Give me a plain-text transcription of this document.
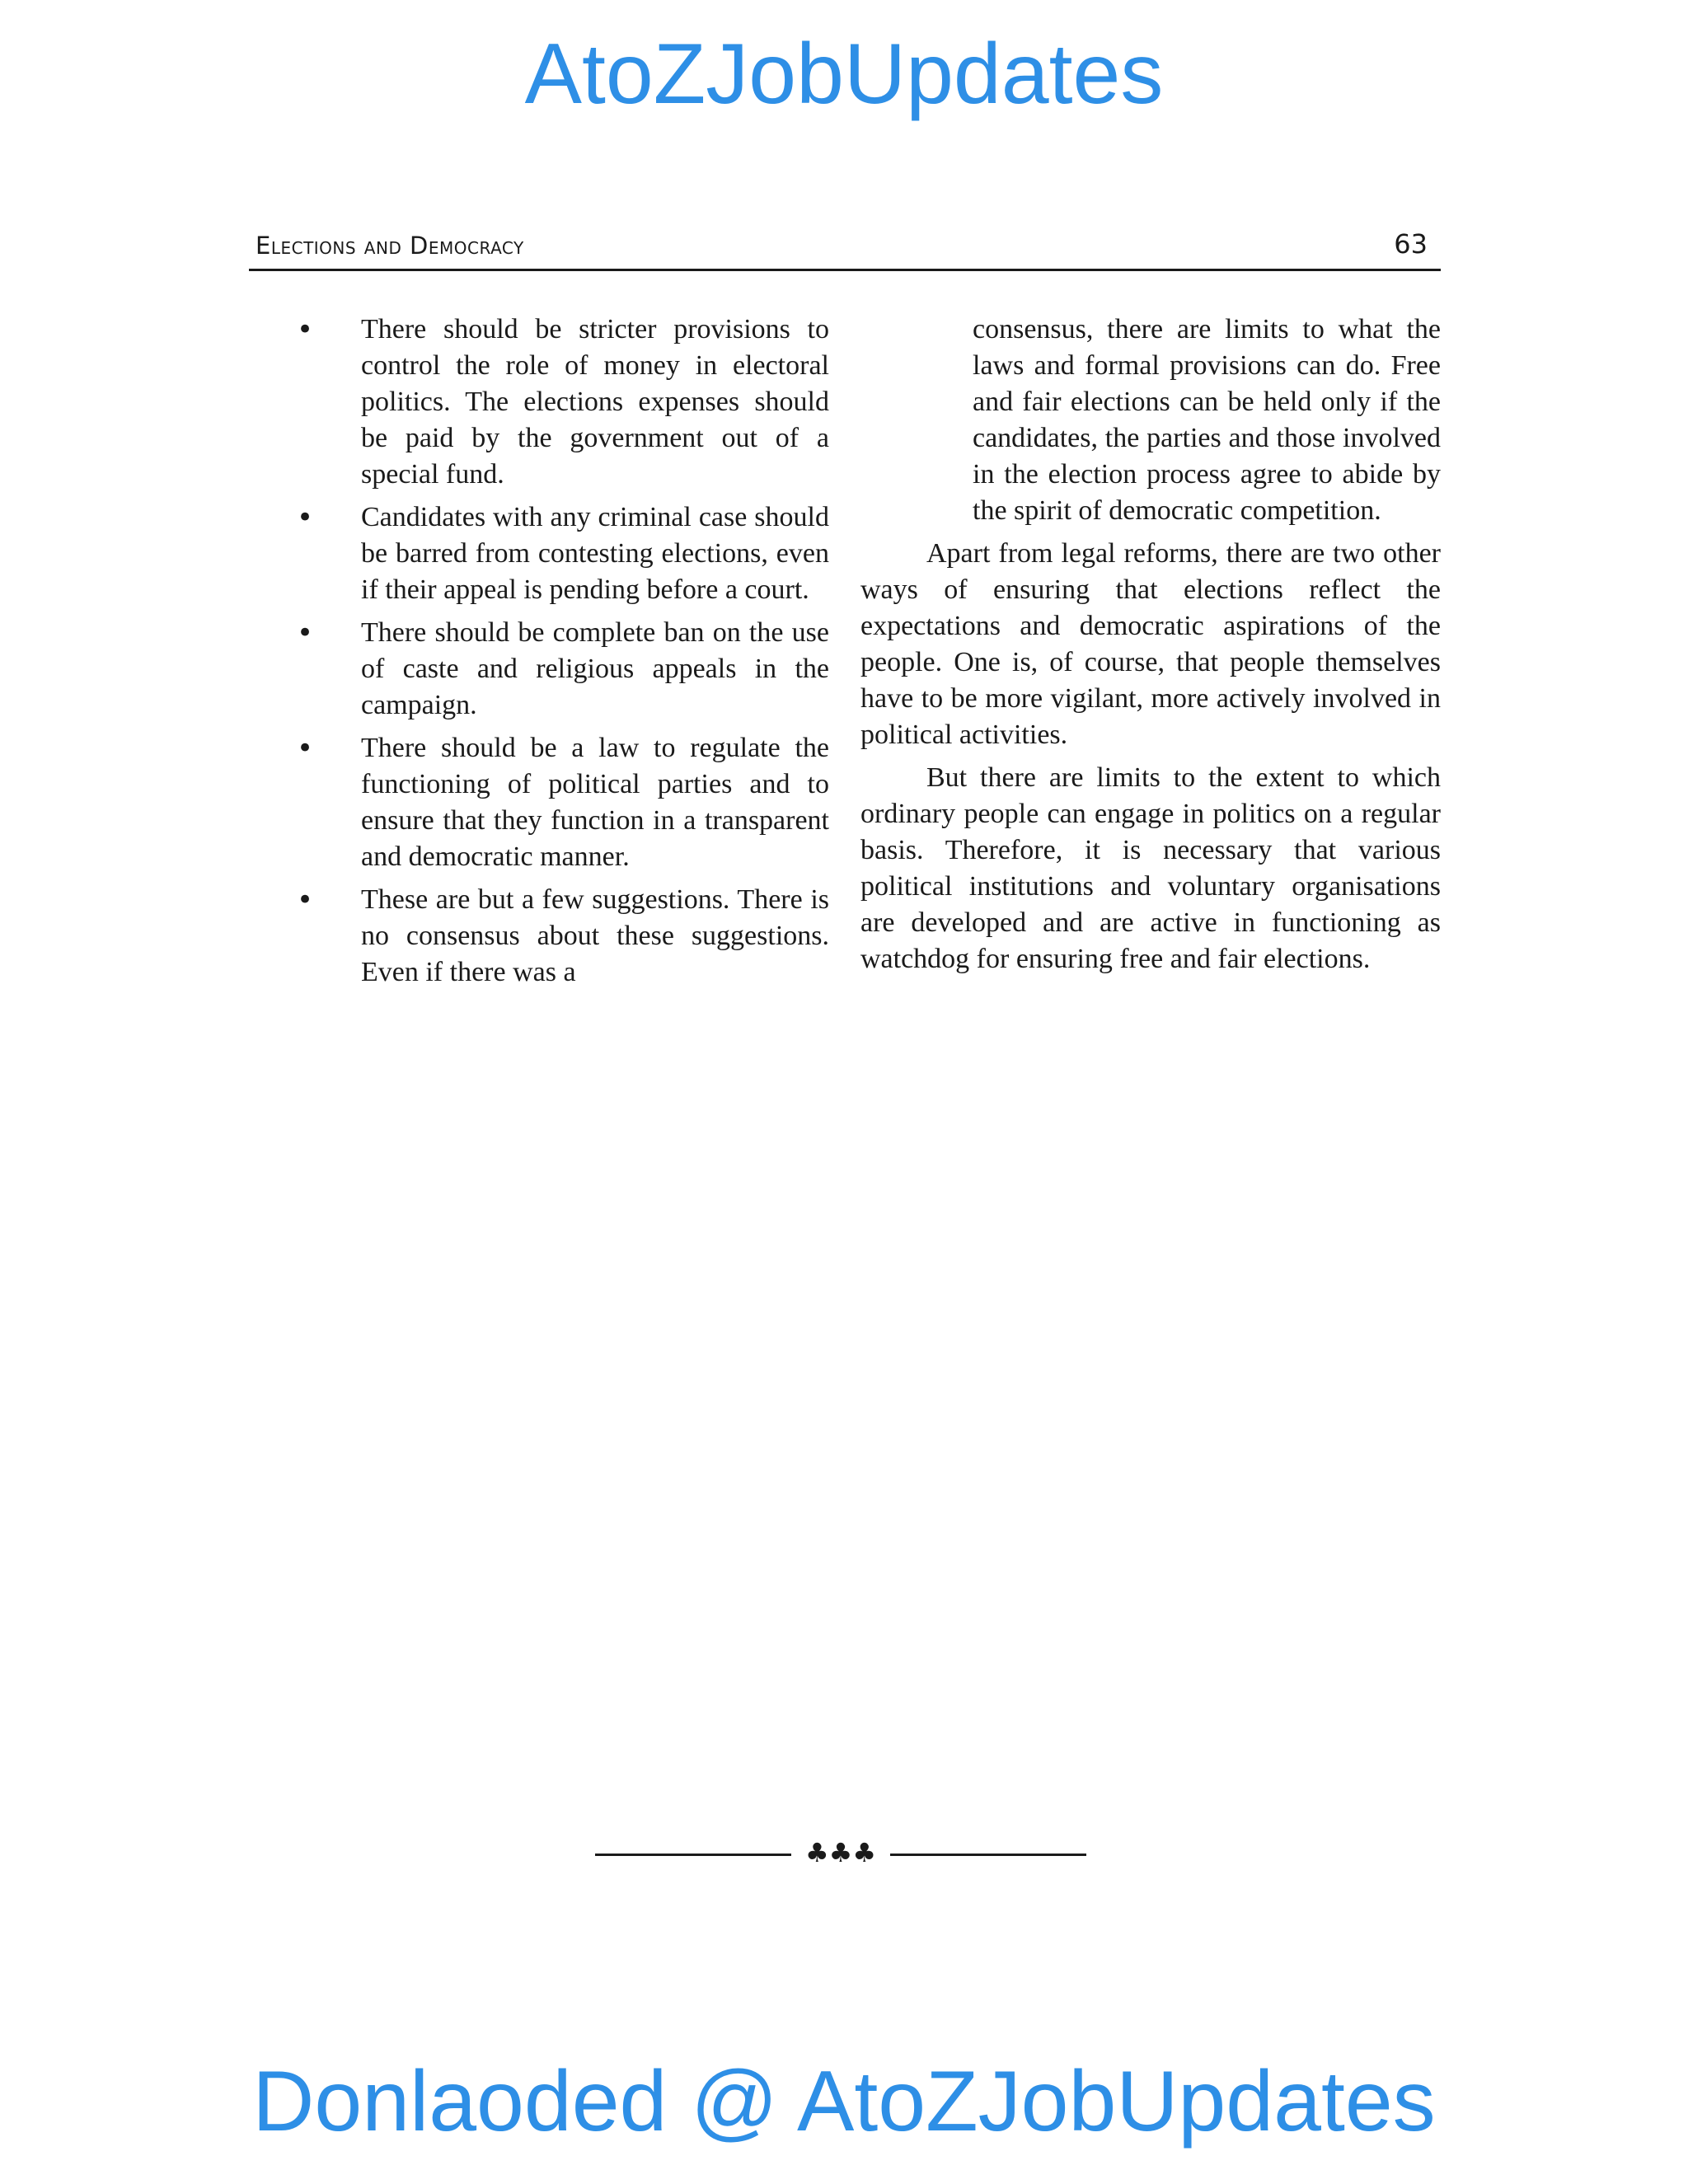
AtoZJobUpdates
Elections and Democracy	63
• There should be stricter provisions to control the role of money in electoral politics. The elections expenses should be paid by the government out of a special fund.
• Candidates with any criminal case should be barred from contesting elections, even if their appeal is pending before a court.
• There should be complete ban on the use of caste and religious appeals in the campaign.
• There should be a law to regulate the functioning of political parties and to ensure that they function in a transparent and democratic manner.
• These are but a few suggestions. There is no consensus about these suggestions. Even if there was a

consensus, there are limits to what the laws and formal provisions can do. Free and fair elections can be held only if the candidates, the parties and those involved in the election process agree to abide by the spirit of democratic competition.

Apart from legal reforms, there are two other ways of ensuring that elections reflect the expectations and democratic aspirations of the people. One is, of course, that people themselves have to be more vigilant, more actively involved in political activities.

But there are limits to the extent to which ordinary people can engage in politics on a regular basis. Therefore, it is necessary that various political institutions and voluntary organisations are developed and are active in functioning as watchdog for ensuring free and fair elections.

♣♣♣
Donlaoded @ AtoZJobUpdates
